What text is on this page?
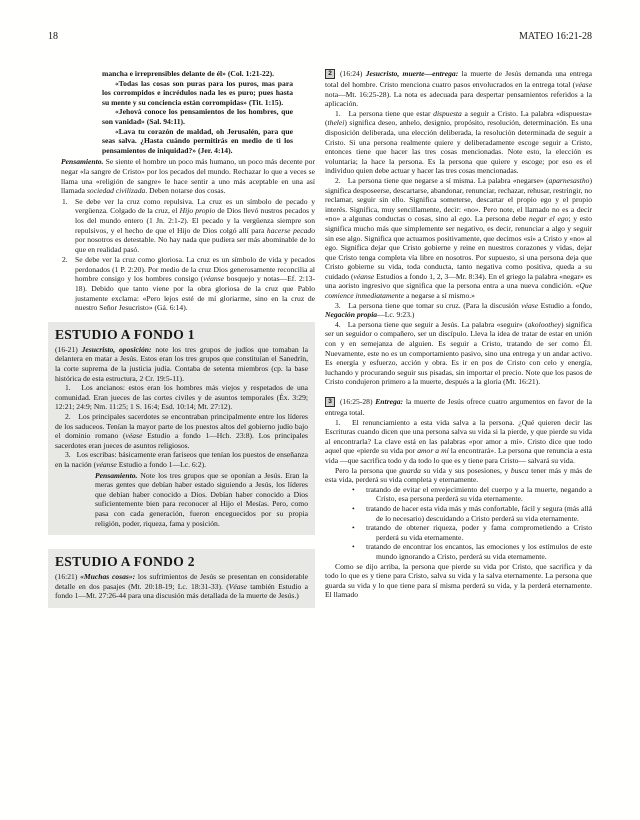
18	MATEO 16:21-28

mancha e irreprensibles delante de él» (Col. 1:21-22).

«Todas las cosas son puras para los puros, mas para los corrompidos e incrédulos nada les es puro; pues hasta su mente y su conciencia están corrompidas» (Tit. 1:15).

«Jehová conoce los pensamientos de los hombres, que son vanidad» (Sal. 94:11).

«Lava tu corazón de maldad, oh Jerusalén, para que seas salva. ¿Hasta cuándo permitirás en medio de ti los pensamientos de iniquidad?» (Jer. 4:14).

Pensamiento. Se siente el hombre un poco más humano, un poco más decente por negar «la sangre de Cristo» por los pecados del mundo. Rechazar lo que a veces se llama una «religión de sangre» le hace sentir a uno más aceptable en una así llamada sociedad civilizada. Deben notarse dos cosas.

1. Se debe ver la cruz como repulsiva. La cruz es un símbolo de pecado y vergüenza. Colgado de la cruz, el Hijo propio de Dios llevó nustros pecados y los del mundo entero (1 Jn. 2:1-2). El pecado y la vergüenza siempre son repulsivos, y el hecho de que el Hijo de Dios colgó allí para hacerse pecado por nosotros es detestable. No hay nada que pudiera ser más abominable de lo que en realidad pasó.

2. Se debe ver la cruz como gloriosa. La cruz es un símbolo de vida y pecados perdonados (1 P. 2:20). Por medio de la cruz Dios generosamente reconcilia al hombre consigo y los hombres consigo (véanse bosquejo y notas—Ef. 2:13-18). Debido que tanto viene por la obra gloriosa de la cruz que Pablo justamente exclama: «Pero lejos esté de mí gloriarme, sino en la cruz de nuestro Señor Jesucristo» (Gá. 6:14).

ESTUDIO A FONDO 1

(16-21) Jesucristo, oposición: note los tres grupos de judíos que tomaban la delantera en matar a Jesús. Estos eran los tres grupos que constituían el Sanedrín, la corte suprema de la justicia judía. Contaba de setenta miembros (cp. la base histórica de esta estructura, 2 Cr. 19:5-11).

1.   Los ancianos: estos eran los hombres más viejos y respetados de una comunidad. Eran jueces de las cortes civiles y de asuntos temporales (Éx. 3:29; 12:21; 24:9; Nm. 11:25; 1 S. 16:4; Esd. 10:14; Mt. 27:12).

2.   Los principales sacerdotes se encontraban principalmente entre los líderes de los saduceos. Tenían la mayor parte de los puestos altos del gobierno judío bajo el dominio romano (véase Estudio a fondo 1—Hch. 23:8). Los principales sacerdotes eran jueces de asuntos religiosos.

3.   Los escribas: básicamente eran fariseos que tenían los puestos de enseñanza en la nación (véanse Estudio a fondo 1—Lc. 6:2).

Pensamiento. Note los tres grupos que se oponían a Jesús. Eran la meras gentes que debían haber estado siguiendo a Jesús, los líderes que debían haber conocido a Dios. Debían haber conocido a Dios suficientemente bien para reconocer al Hijo el Mesías. Pero, como pasa con cada generación, fueron enceguecidos por su propia religión, poder, riqueza, fama y posición.

ESTUDIO A FONDO 2

(16:21) «Muchas cosas»: los sufrimientos de Jesús se presentan en considerable detalle en dos pasajes (Mt. 20:18-19; Lc. 18:31-33). (Véase también Estudio a fondo 1—Mt. 27:26-44 para una discusión más detallada de la muerte de Jesús.)

2 (16:24) Jesucristo, muerte—entrega: la muerte de Jesús demanda una entrega total del hombre. Cristo menciona cuatro pasos envolucrados en la entrega total (véase nota—Mt. 16:25-28). La nota es adecuada para despertar pensamientos referidos a la aplicación.

1.   La persona tiene que estar dispuesta a seguir a Cristo. La palabra «dispuesta» (thelei) significa deseo, anhelo, designio, propósito, resolución, determinación. Es una disposición deliberada, una elección deliberada, la resolución determinada de seguir a Cristo. Si una persona realmente quiere y deliberadamente escoge seguir a Cristo, entonces tiene que hacer las tres cosas mencionadas. Note esto, la elección es voluntaria; la hace la persona. Es la persona que quiere y escoge; por eso es el individuo quien debe actuar y hacer las tres cosas mencionadas.

2.   La persona tiene que negarse a sí misma. La palabra «negarse» (aparnesastho) significa desposeerse, descartarse, abandonar, renunciar, rechazar, rehusar, restringir, no reclamar, seguir sin ello. Significa someterse, descartar el propio ego y el propio interés. Significa, muy sencillamente, decir: «no». Pero note, el llamado no es a decir «no» a algunas conductas o cosas, sino al ego. La persona debe negar el ego; y esto significa mucho más que simplemente ser negativo, es decir, renunciar a algo y seguir sin ese algo. Significa que actuamos positivamente, que decimos «sí» a Cristo y «no» al ego. Significa dejar que Cristo gobierne y reine en nuestros corazones y vidas, dejar que Cristo tenga completa vía libre en nosotros. Por supuesto, si una persona deja que Cristo gobierne su vida, toda conducta, tanto negativa como positiva, queda a su cuidado (véanse Estudios a fondo 1, 2, 3—Mr. 8:34). En el griego la palabra «negar» es una aoristo ingresivo que significa que la persona entra a una nueva condición. «Que comience inmediatamente a negarse a sí mismo.»

3.   La persona tiene que tomar su cruz. (Para la discusión véase Estudio a fondo, Negación propia—Lc. 9:23.)

4.   La persona tiene que seguir a Jesús. La palabra «seguir» (akoloothey) significa ser un seguidor o compañero, ser un discípulo. Lleva la idea de tratar de estar en unión con y en semejanza de alguien. Es seguir a Cristo, tratando de ser como Él. Nuevamente, este no es un comportamiento pasivo, sino una entrega y un andar activo. Es energía y esfuerzo, acción y obra. Es ir en pos de Cristo con celo y energía, luchando y procurando seguir sus pisadas, sin importar el precio. Note que los pasos de Cristo condujeron primero a la muerte, después a la gloria (Mt. 16:21).

3 (16:25-28) Entrega: la muerte de Jesús ofrece cuatro argumentos en favor de la entrega total.

1.   El renunciamiento a esta vida salva a la persona. ¿Qué quieren decir las Escrituras cuando dicen que una persona salva su vida si la pierde, y que pierde su vida al encontrarla? La clave está en las palabras «por amor a mí». Cristo dice que todo aquel que «pierde su vida por amor a mí la encontrará». La persona que renuncia a esta vida —que sacrifica todo y da todo lo que es y tiene para Cristo— salvará su vida.

Pero la persona que guarda su vida y sus posesiones, y busca tener más y más de esta vida, perderá su vida completa y eternamente.

• tratando de evitar el envejecimiento del cuerpo y a la muerte, negando a Cristo, esa persona perderá su vida eternamente.

• tratando de hacer esta vida más y más confortable, fácil y segura (más allá de lo necesario) descuidando a Cristo perderá su vida eternamente.

• tratando de obtener riqueza, poder y fama comprometiendo a Cristo perderá su vida eternamente.

• tratando de encontrar los encantos, las emociones y los estímulos de este mundo ignorando a Cristo, perderá su vida eternamente.

Como se dijo arriba, la persona que pierde su vida por Cristo, que sacrifica y da todo lo que es y tiene para Cristo, salva su vida y la salva eternamente. La persona que guarda su vida y lo que tiene para sí misma perderá su vida, y la perderá eternamente. El llamado
